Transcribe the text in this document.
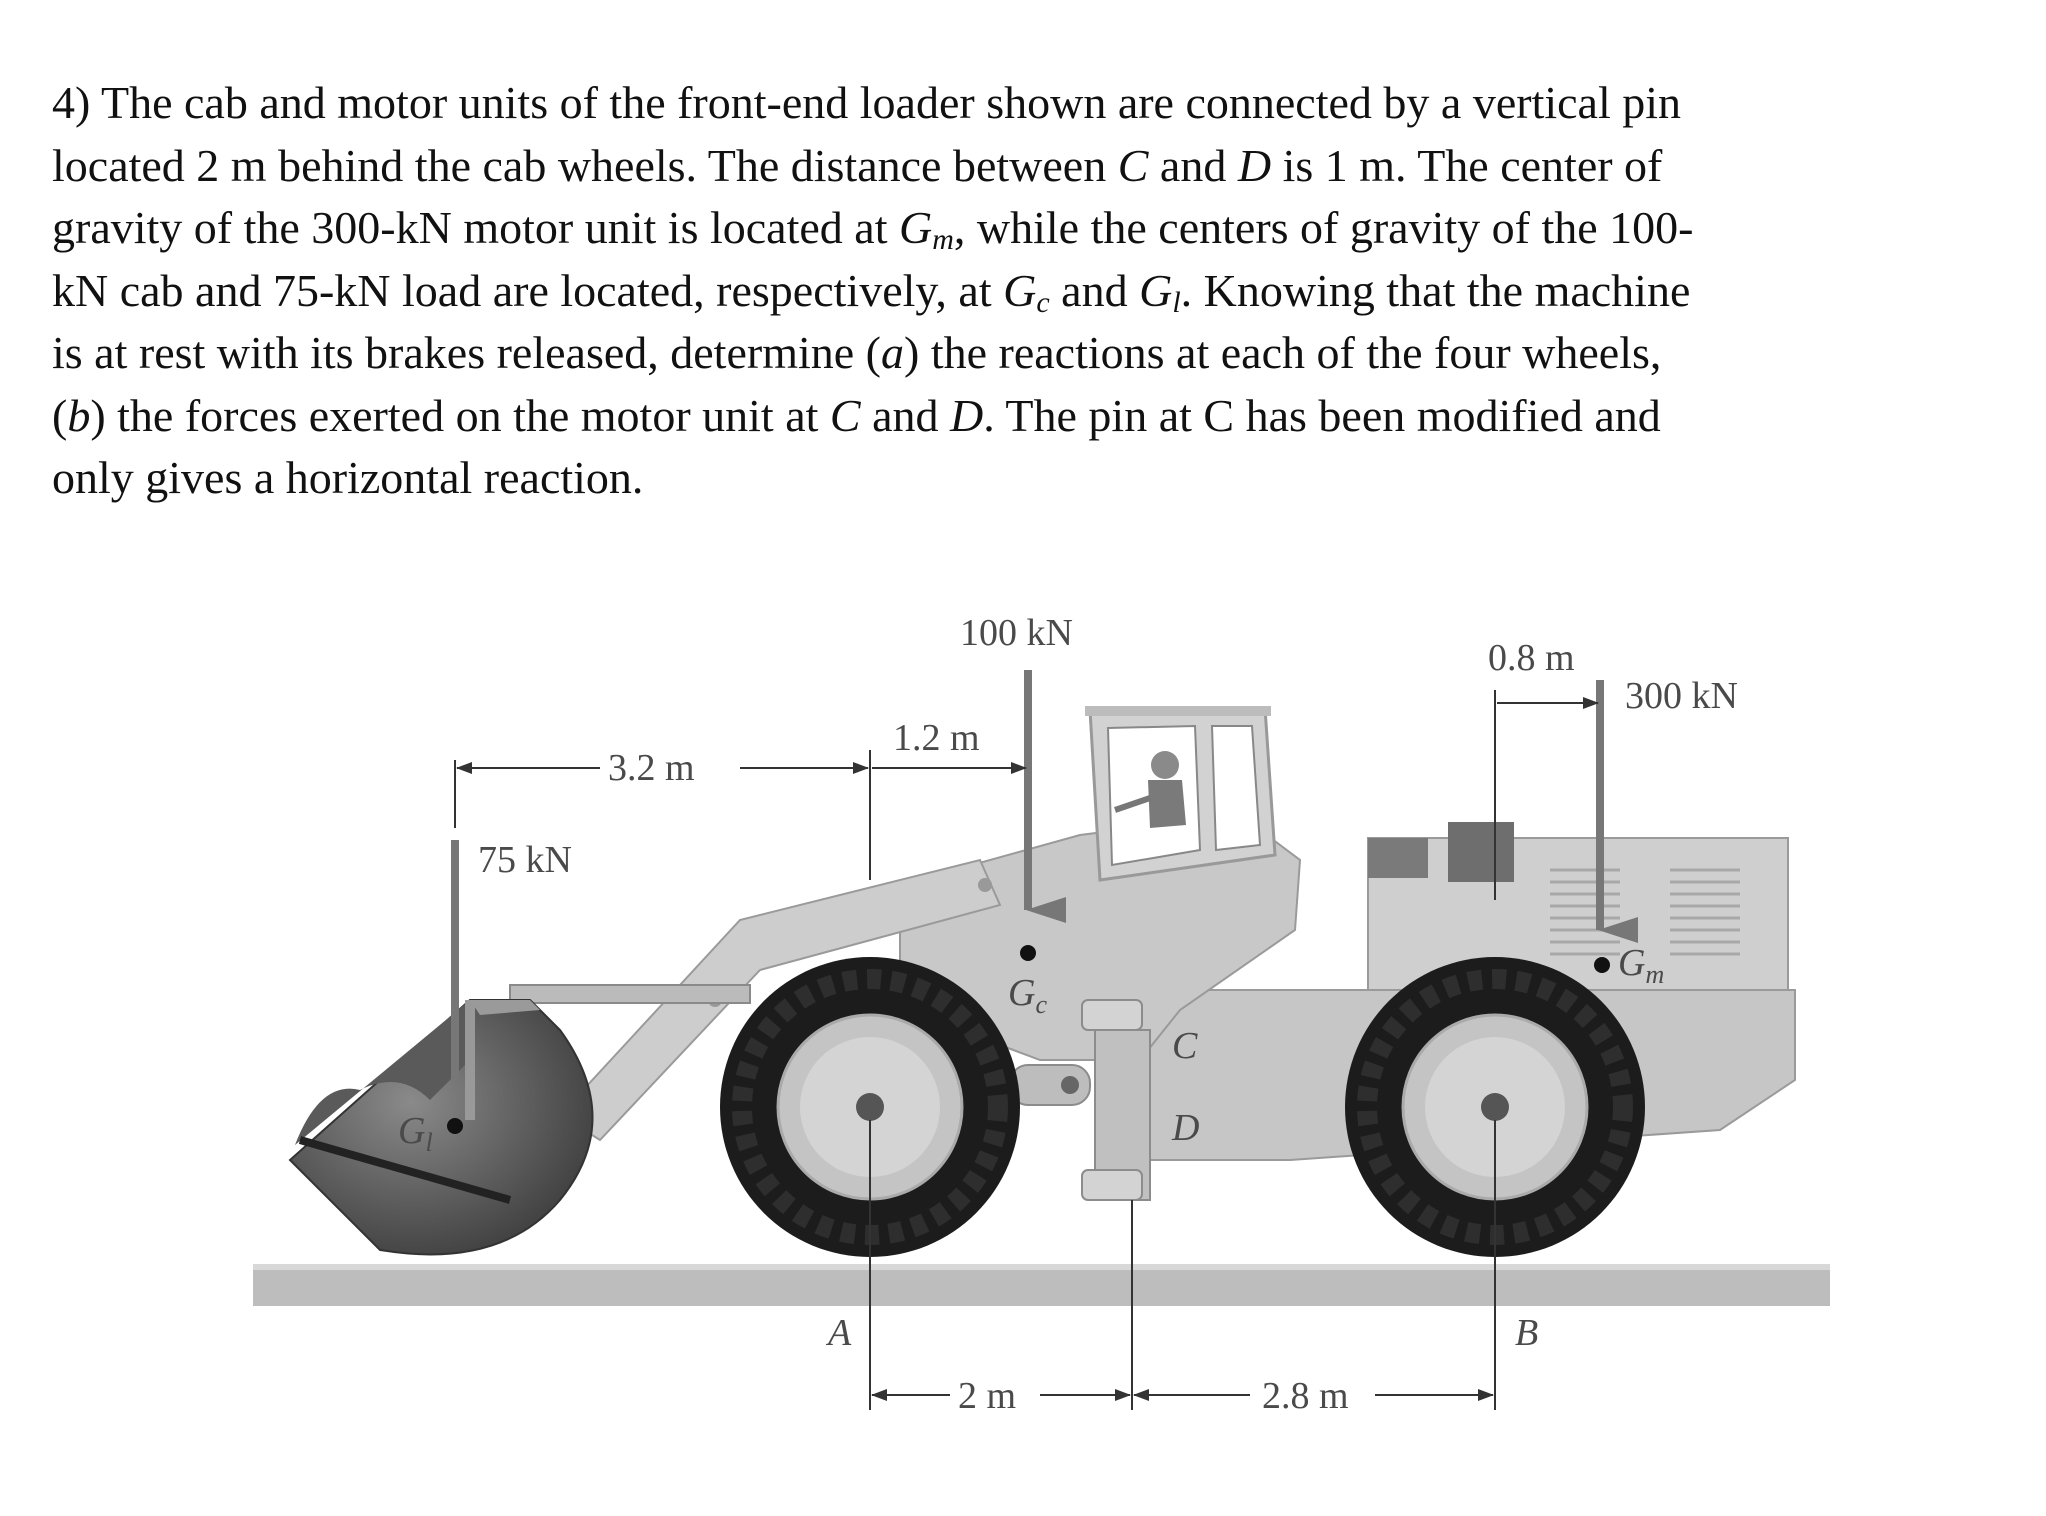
4) The cab and motor units of the front-end loader shown are connected by a vertical pin

located 2 m behind the cab wheels. The distance between C and D is 1 m. The center of

gravity of the 300-kN motor unit is located at $G_m$, while the centers of gravity of the 100-

kN cab and 75-kN load are located, respectively, at $G_c$ and $G_l$. Knowing that the machine

is at rest with its brakes released, determine (a) the reactions at each of the four wheels,

(b) the forces exerted on the motor unit at C and D. The pin at C has been modified and

only gives a horizontal reaction.

$G_c$
$G_m$
$G_l$
100 kN
300 kN
75 kN
3.2 m
1.2 m
0.8 m
2 m	2.8 m
A	B
C
D
